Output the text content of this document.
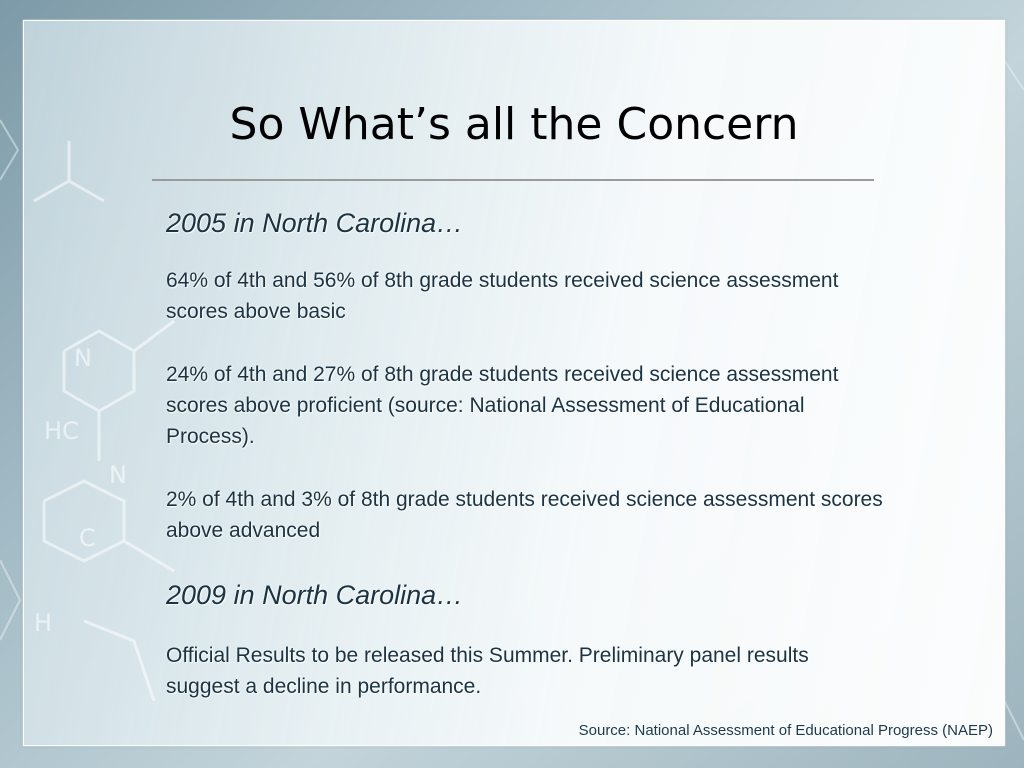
N
HC
C
H
N
So What’s all the Concern

2005 in North Carolina…

64% of 4th and 56% of 8th grade students received science assessment scores above basic

24% of 4th and 27% of 8th grade students received science assessment scores above proficient (source: National Assessment of Educational Process).

2% of 4th and 3% of 8th grade students received science assessment scores above advanced

2009 in North Carolina…

Official Results to be released this Summer. Preliminary panel results suggest a decline in performance.

Source: National Assessment of Educational Progress (NAEP)
